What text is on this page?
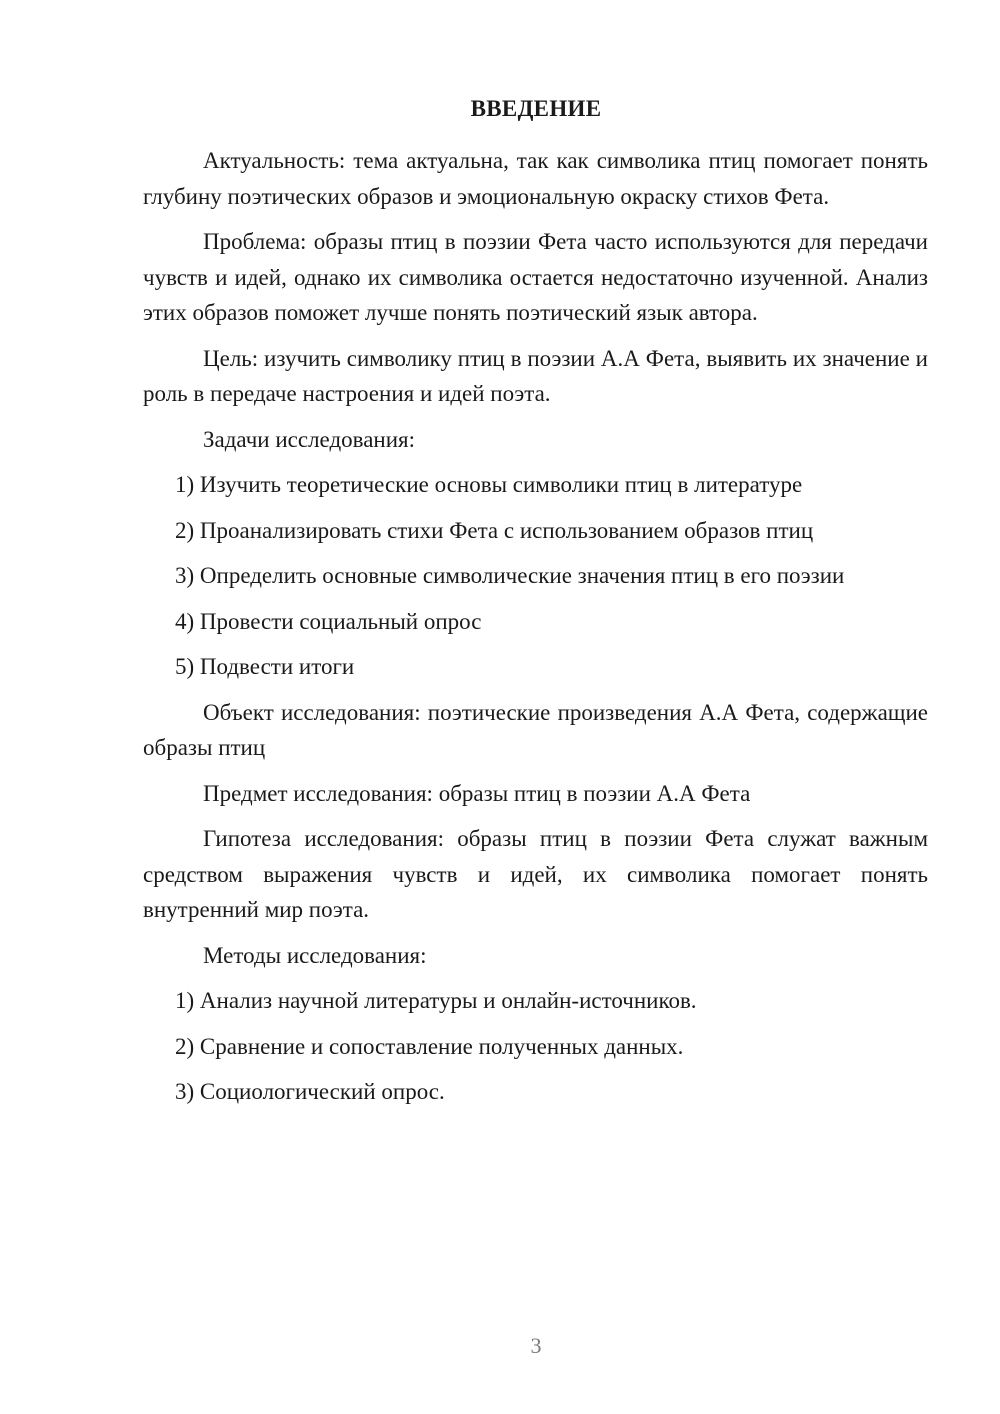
ВВЕДЕНИЕ

Актуальность: тема актуальна, так как символика птиц помогает понять глубину поэтических образов и эмоциональную окраску стихов Фета.

Проблема: образы птиц в поэзии Фета часто используются для передачи чувств и идей, однако их символика остается недостаточно изученной. Анализ этих образов поможет лучше понять поэтический язык автора.

Цель: изучить символику птиц в поэзии А.А Фета, выявить их значение и роль в передаче настроения и идей поэта.

Задачи исследования:

1) Изучить теоретические основы символики птиц в литературе
2) Проанализировать стихи Фета с использованием образов птиц
3) Определить основные символические значения птиц в его поэзии
4) Провести социальный опрос
5) Подвести итоги

Объект исследования: поэтические произведения А.А Фета, содержащие образы птиц

Предмет исследования: образы птиц в поэзии А.А Фета

Гипотеза исследования: образы птиц в поэзии Фета служат важным средством выражения чувств и идей, их символика помогает понять внутренний мир поэта.

Методы исследования:

1) Анализ научной литературы и онлайн-источников.
2) Сравнение и сопоставление полученных данных.
3) Социологический опрос.
3
